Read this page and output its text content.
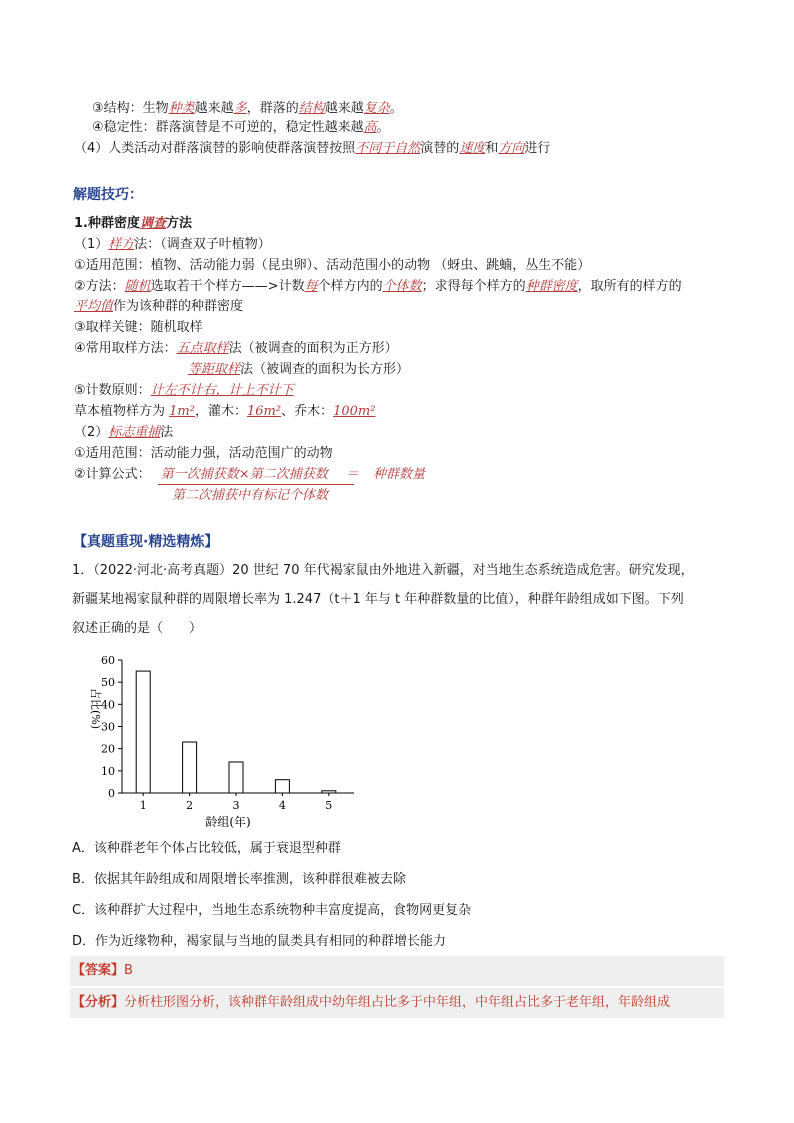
③结构：生物种类越来越多，群落的结构越来越复杂。
④稳定性：群落演替是不可逆的，稳定性越来越高。
（4）人类活动对群落演替的影响使群落演替按照不同于自然演替的速度和方向进行
解题技巧：
1.种群密度调查方法
（1）样方法：（调查双子叶植物）
①适用范围：植物、活动能力弱（昆虫卵）、活动范围小的动物 （蚜虫、跳蝻，丛生不能）
②方法：随机选取若干个样方——>计数每个样方内的个体数；求得每个样方的种群密度，取所有的样方的
平均值作为该种群的种群密度
③取样关键：随机取样
④常用取样方法：五点取样法（被调查的面积为正方形）
等距取样法（被调查的面积为长方形）
⑤计数原则：计左不计右，计上不计下
草本植物样方为 1m²，灌木：16m²、乔木：100m²
（2）标志重捕法
①适用范围：活动能力强，活动范围广的动物
②计算公式： 第一次捕获数×第二次捕获数 ＝ 种群数量
第二次捕获中有标记个体数
【真题重现·精选精炼】
1．（2022·河北·高考真题）20 世纪 70 年代褐家鼠由外地进入新疆，对当地生态系统造成危害。研究发现，
新疆某地褐家鼠种群的周限增长率为 1.247（t＋1 年与 t 年种群数量的比值），种群年龄组成如下图。下列
叙述正确的是（　　）
0
10
20
30
40
50
60
占比(%)
1	2	3	4	5
龄组(年)
A．该种群老年个体占比较低，属于衰退型种群
B．依据其年龄组成和周限增长率推测，该种群很难被去除
C．该种群扩大过程中，当地生态系统物种丰富度提高，食物网更复杂
D．作为近缘物种，褐家鼠与当地的鼠类具有相同的种群增长能力
【答案】B
【分析】分析柱形图分析，该种群年龄组成中幼年组占比多于中年组，中年组占比多于老年组，年龄组成
